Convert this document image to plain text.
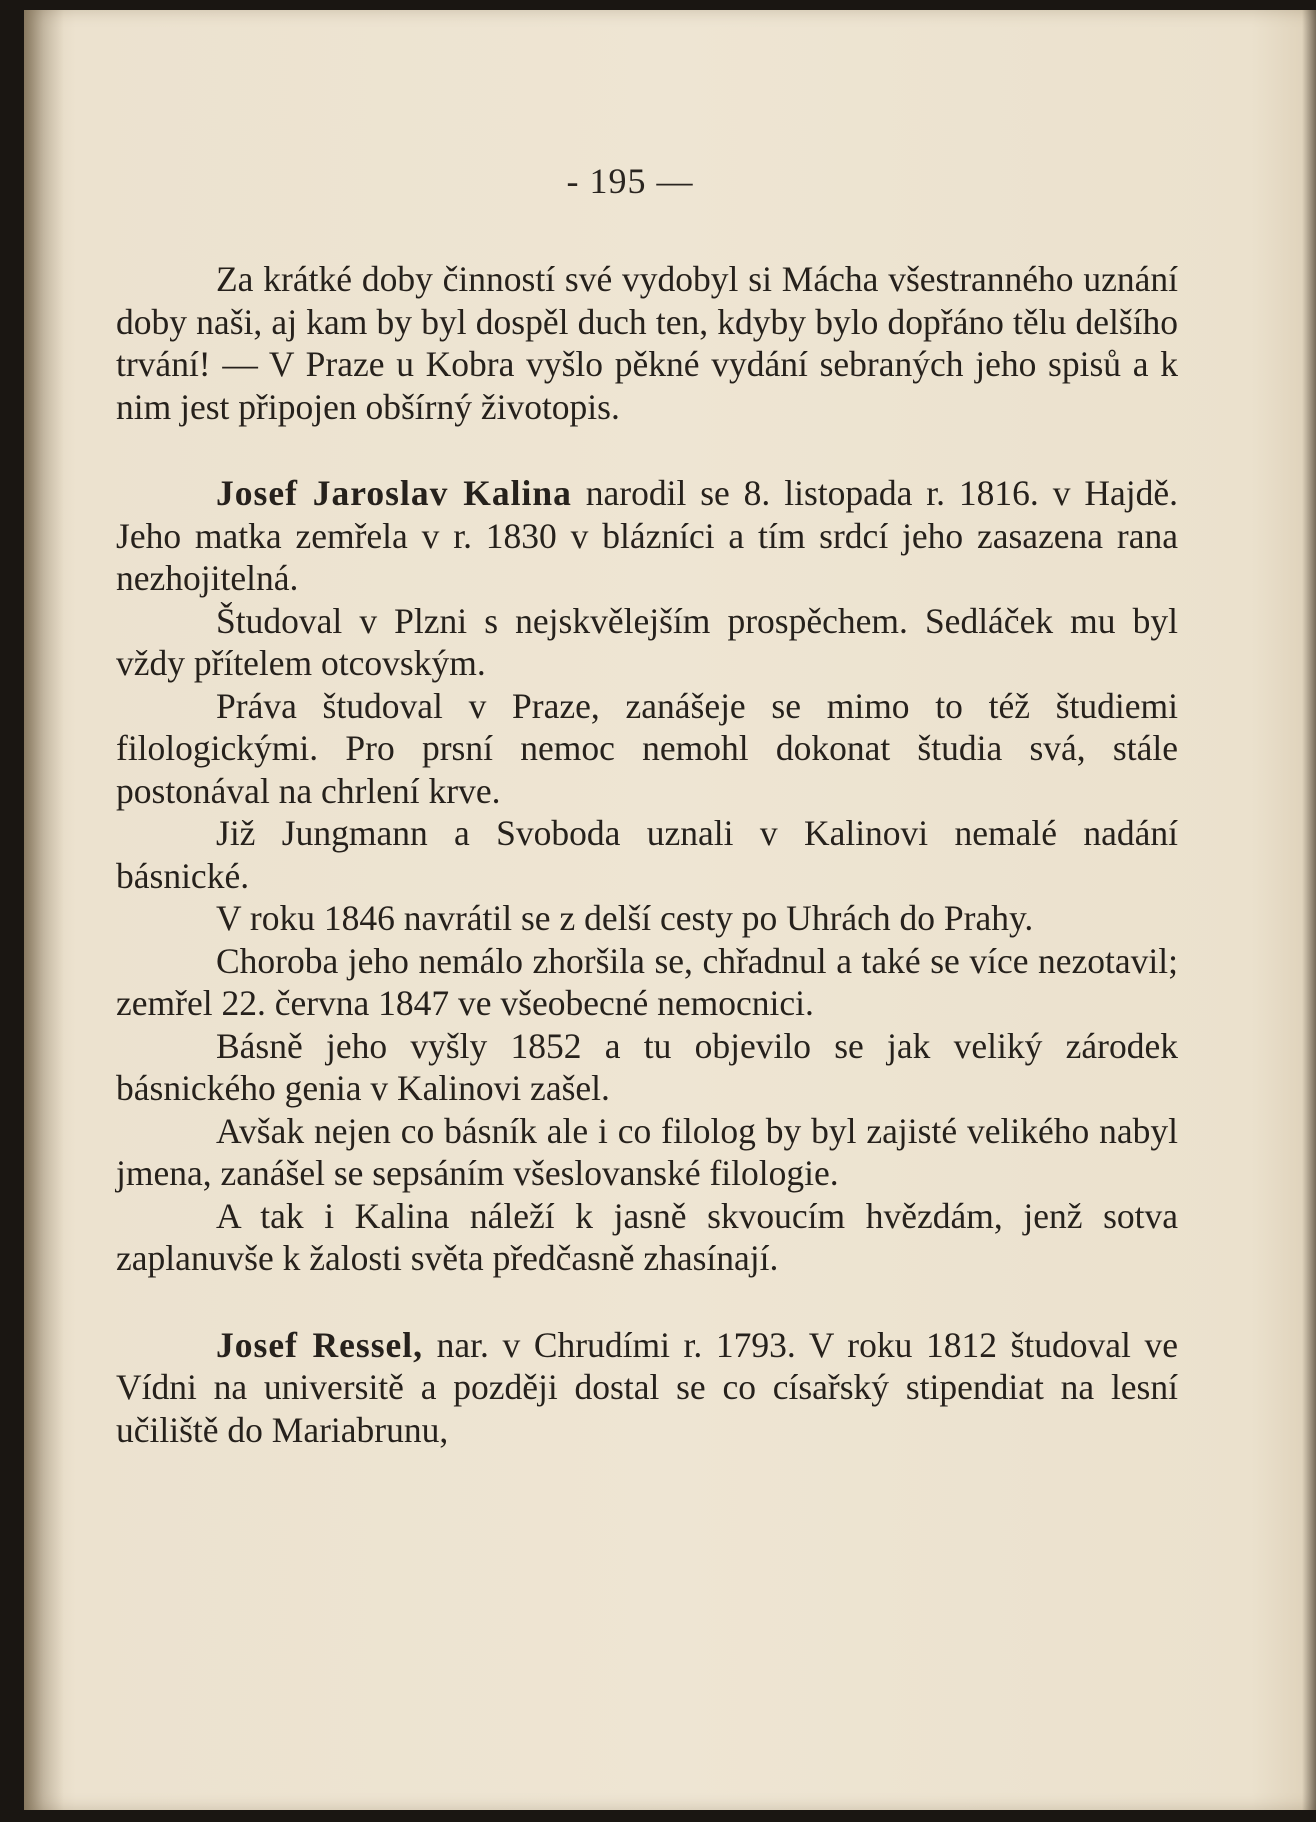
- 195 —

Za krátké doby činností své vydobyl si Mácha všestranného uznání doby naši, aj kam by byl dospěl duch ten, kdyby bylo dopřáno tělu delšího trvání! — V Praze u Kobra vyšlo pěkné vydání sebraných jeho spisů a k nim jest připojen obšírný životopis.

Josef Jaroslav Kalina narodil se 8. listopada r. 1816. v Hajdě. Jeho matka zemřela v r. 1830 v blázníci a tím srdcí jeho zasazena rana nezhojitelná.

Študoval v Plzni s nejskvělejším prospěchem. Sedláček mu byl vždy přítelem otcovským.

Práva študoval v Praze, zanášeje se mimo to též študiemi filologickými. Pro prsní nemoc nemohl dokonat študia svá, stále postonával na chrlení krve.

Již Jungmann a Svoboda uznali v Kalinovi nemalé nadání básnické.

V roku 1846 navrátil se z delší cesty po Uhrách do Prahy.

Choroba jeho nemálo zhoršila se, chřadnul a také se více nezotavil; zemřel 22. června 1847 ve všeobecné nemocnici.

Básně jeho vyšly 1852 a tu objevilo se jak veliký zárodek básnického genia v Kalinovi zašel.

Avšak nejen co básník ale i co filolog by byl zajisté velikého nabyl jmena, zanášel se sepsáním všeslovanské filologie.

A tak i Kalina náleží k jasně skvoucím hvězdám, jenž sotva zaplanuvše k žalosti světa předčasně zhasínají.

Josef Ressel, nar. v Chrudími r. 1793. V roku 1812 študoval ve Vídni na universitě a později dostal se co císařský stipendiat na lesní učiliště do Mariabrunu,
